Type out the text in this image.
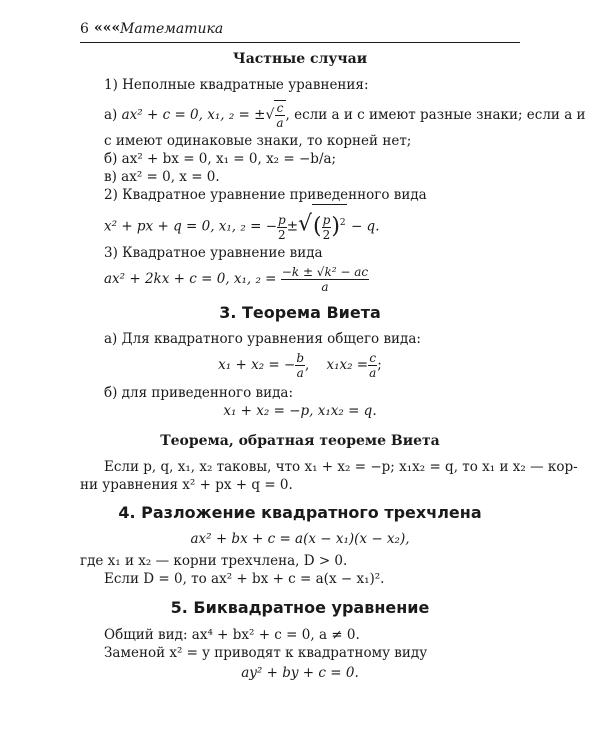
6 ««« Математика
Частные случаи
1) Неполные квадратные уравнения:
а) ax² + c = 0, x₁, ₂ = ±√ $\frac{c}{a}$ , если a и c имеют разные знаки; если a и
c имеют одинаковые знаки, то корней нет;
б) ax² + bx = 0, x₁ = 0, x₂ = −b/a;
в) ax² = 0, x = 0.
2) Квадратное уравнение приведенного вида
x² + px + q = 0, x₁, ₂ = − $\frac{p}{2}$ ±√( $\frac{p}{2} )^2 - q$.
3) Квадратное уравнение вида
ax² + 2kx + c = 0, x₁, $_2 = \frac{\text{−k ± √k² − ac}}{a}$
3. Теорема Виета
а) Для квадратного уравнения общего вида:
x₁ + x₂ = − $\frac{b}{a}$ ,    $x_1x_2 = \frac{c}{a}$ ;
б) для приведенного вида:
x₁ + x₂ = −p, x₁x₂ = q.
Теорема, обратная теореме Виета
Если p, q, x₁, x₂ таковы, что x₁ + x₂ = −p; x₁x₂ = q, то x₁ и x₂ — кор-
ни уравнения x² + px + q = 0.
4. Разложение квадратного трехчлена
ax² + bx + c = a(x − x₁)(x − x₂),
где x₁ и x₂ — корни трехчлена, D > 0.
Если D = 0, то ax² + bx + c = a(x − x₁)².
5. Биквадратное уравнение
Общий вид: ax⁴ + bx² + c = 0, a ≠ 0.
Заменой x² = y приводят к квадратному виду
ay² + by + c = 0.
